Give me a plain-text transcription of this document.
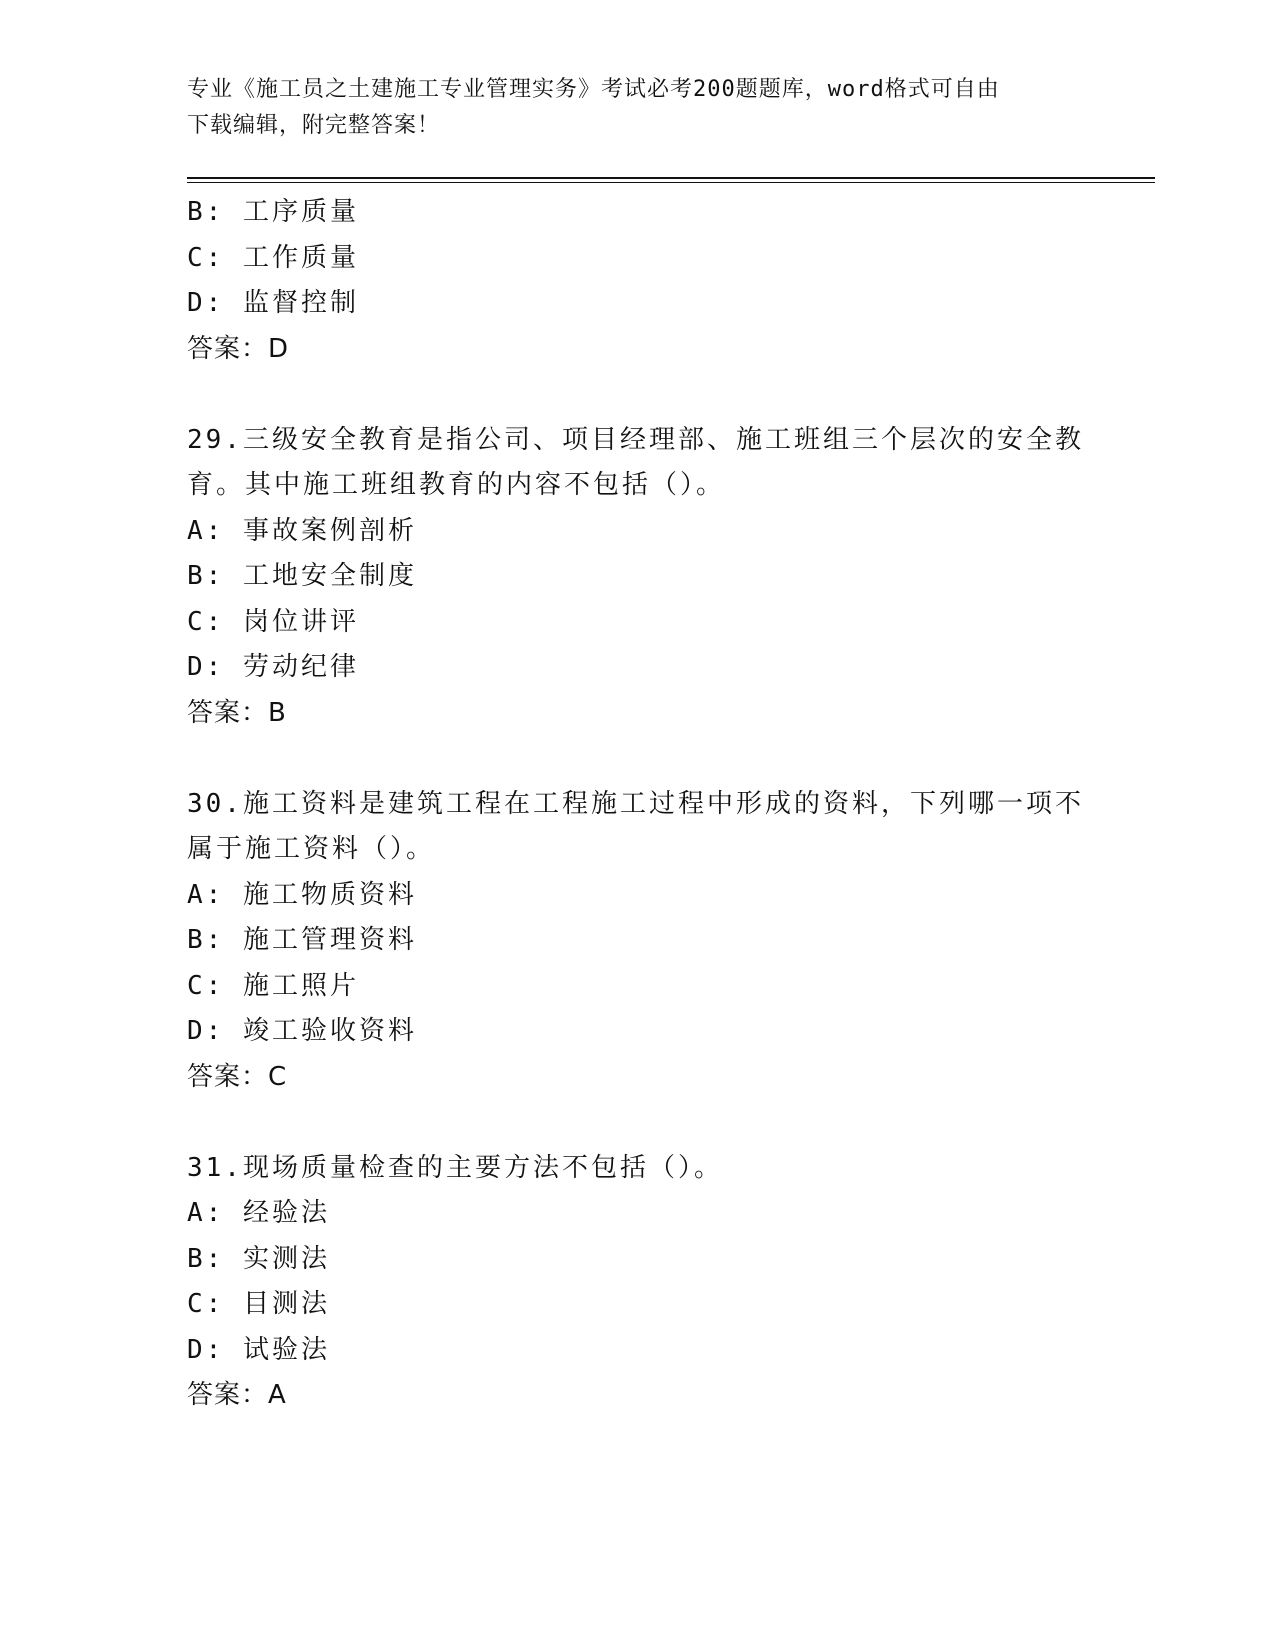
专业《施工员之土建施工专业管理实务》考试必考200题题库，word格式可自由
下载编辑，附完整答案！
B: 工序质量
C: 工作质量
D: 监督控制
答案：D
29.三级安全教育是指公司、项目经理部、施工班组三个层次的安全教
育。其中施工班组教育的内容不包括（）。
A: 事故案例剖析
B: 工地安全制度
C: 岗位讲评
D: 劳动纪律
答案：B
30.施工资料是建筑工程在工程施工过程中形成的资料，下列哪一项不
属于施工资料（）。
A: 施工物质资料
B: 施工管理资料
C: 施工照片
D: 竣工验收资料
答案：C
31.现场质量检查的主要方法不包括（）。
A: 经验法
B: 实测法
C: 目测法
D: 试验法
答案：A
